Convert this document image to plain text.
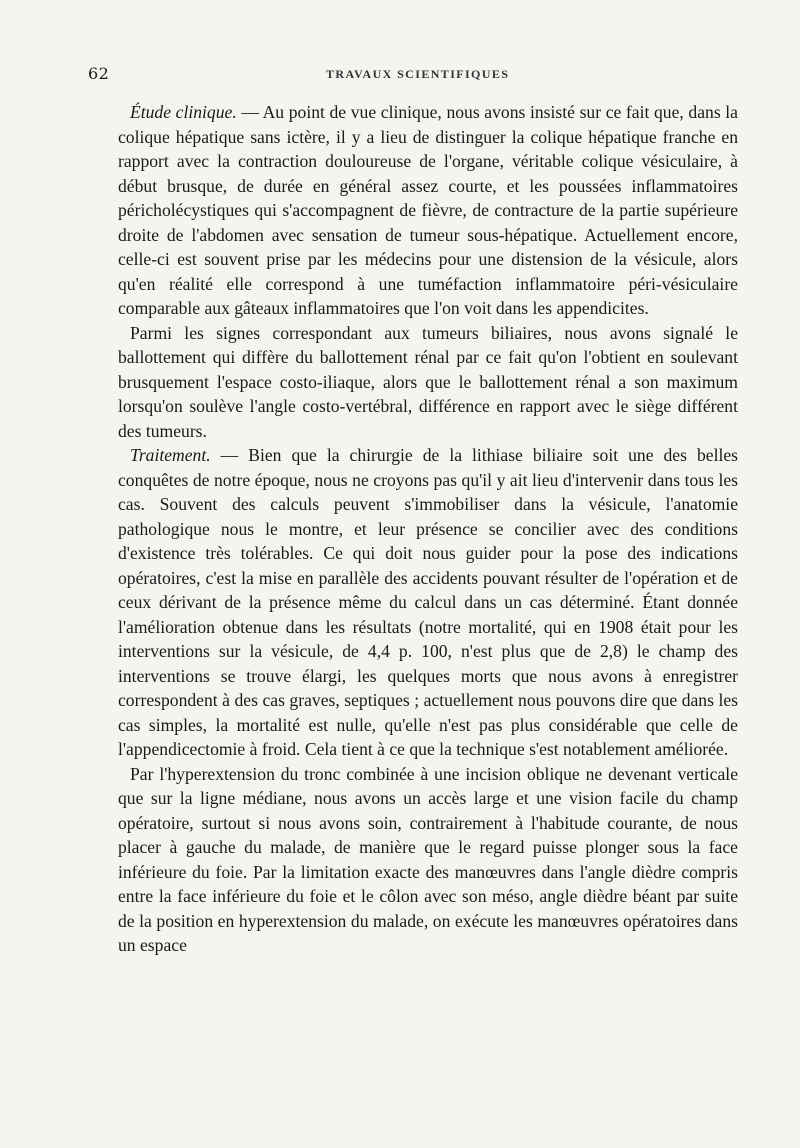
62	TRAVAUX SCIENTIFIQUES

Étude clinique. — Au point de vue clinique, nous avons insisté sur ce fait que, dans la colique hépatique sans ictère, il y a lieu de distinguer la colique hépatique franche en rapport avec la contraction douloureuse de l'organe, véritable colique vésiculaire, à début brusque, de durée en général assez courte, et les poussées inflammatoires péricholécystiques qui s'accompagnent de fièvre, de contracture de la partie supérieure droite de l'abdomen avec sensation de tumeur sous-hépatique. Actuellement encore, celle-ci est souvent prise par les médecins pour une distension de la vésicule, alors qu'en réalité elle correspond à une tuméfaction inflammatoire péri-vésiculaire comparable aux gâteaux inflammatoires que l'on voit dans les appendicites.

Parmi les signes correspondant aux tumeurs biliaires, nous avons signalé le ballottement qui diffère du ballottement rénal par ce fait qu'on l'obtient en soulevant brusquement l'espace costo-iliaque, alors que le ballottement rénal a son maximum lorsqu'on soulève l'angle costo-vertébral, différence en rapport avec le siège différent des tumeurs.

Traitement. — Bien que la chirurgie de la lithiase biliaire soit une des belles conquêtes de notre époque, nous ne croyons pas qu'il y ait lieu d'intervenir dans tous les cas. Souvent des calculs peuvent s'immobiliser dans la vésicule, l'anatomie pathologique nous le montre, et leur présence se concilier avec des conditions d'existence très tolérables. Ce qui doit nous guider pour la pose des indications opératoires, c'est la mise en parallèle des accidents pouvant résulter de l'opération et de ceux dérivant de la présence même du calcul dans un cas déterminé. Étant donnée l'amélioration obtenue dans les résultats (notre mortalité, qui en 1908 était pour les interventions sur la vésicule, de 4,4 p. 100, n'est plus que de 2,8) le champ des interventions se trouve élargi, les quelques morts que nous avons à enregistrer correspondent à des cas graves, septiques ; actuellement nous pouvons dire que dans les cas simples, la mortalité est nulle, qu'elle n'est pas plus considérable que celle de l'appendicectomie à froid. Cela tient à ce que la technique s'est notablement améliorée.

Par l'hyperextension du tronc combinée à une incision oblique ne devenant verticale que sur la ligne médiane, nous avons un accès large et une vision facile du champ opératoire, surtout si nous avons soin, contrairement à l'habitude courante, de nous placer à gauche du malade, de manière que le regard puisse plonger sous la face inférieure du foie. Par la limitation exacte des manœuvres dans l'angle dièdre compris entre la face inférieure du foie et le côlon avec son méso, angle dièdre béant par suite de la position en hyperextension du malade, on exécute les manœuvres opératoires dans un espace
